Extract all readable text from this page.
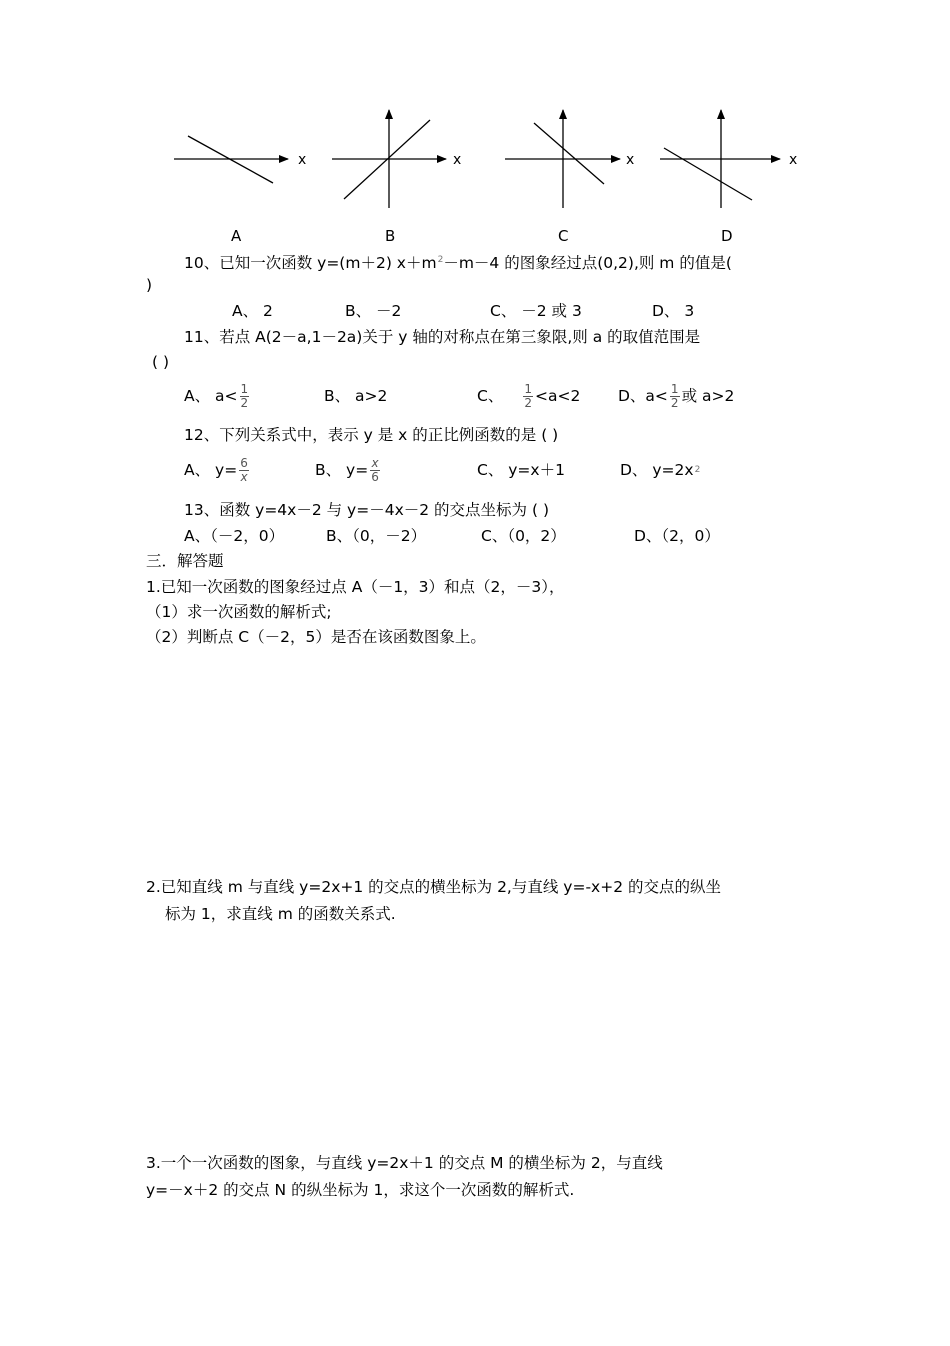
x	x	x	x
A	B	C	D
10、已知一次函数 y=(m＋2) $x+m^2-m-4$ 的图象经过点(0,2),则 m 的值是(
)
A、 2	B、 －2	C、 －2 或 3	D、 3
11、若点 A(2－a,1－2a)关于 y 轴的对称点在第三象限,则 a 的取值范围是
( )
A、 $a< \frac{1}{2}$	B、 a>2	C、 $\frac{1}{2} <a<2$ D、$a< \frac{1}{2}$ 或 a>2
12、下列关系式中，表示 y 是 x 的正比例函数的是 ( )
A、 $y= \frac{6}{x}$	B、 $y= \frac{x}{6}$	C、 y=x＋1	D、 y=2x 2
13、函数 y=4x－2 与 y=－4x－2 的交点坐标为 ( )
A、（－2，0）	B、（0，－2）	C、（0，2）	D、（2，0）
三．解答题
1.已知一次函数的图象经过点 A（－1，3）和点（2，－3），
（1）求一次函数的解析式;
（2）判断点 C（－2，5）是否在该函数图象上。
2.已知直线 m 与直线 y=2x+1 的交点的横坐标为 2,与直线 y=-x+2 的交点的纵坐
标为 1，求直线 m 的函数关系式.
3.一个一次函数的图象，与直线 y=2x＋1 的交点 M 的横坐标为 2，与直线
y=－x＋2 的交点 N 的纵坐标为 1，求这个一次函数的解析式.
